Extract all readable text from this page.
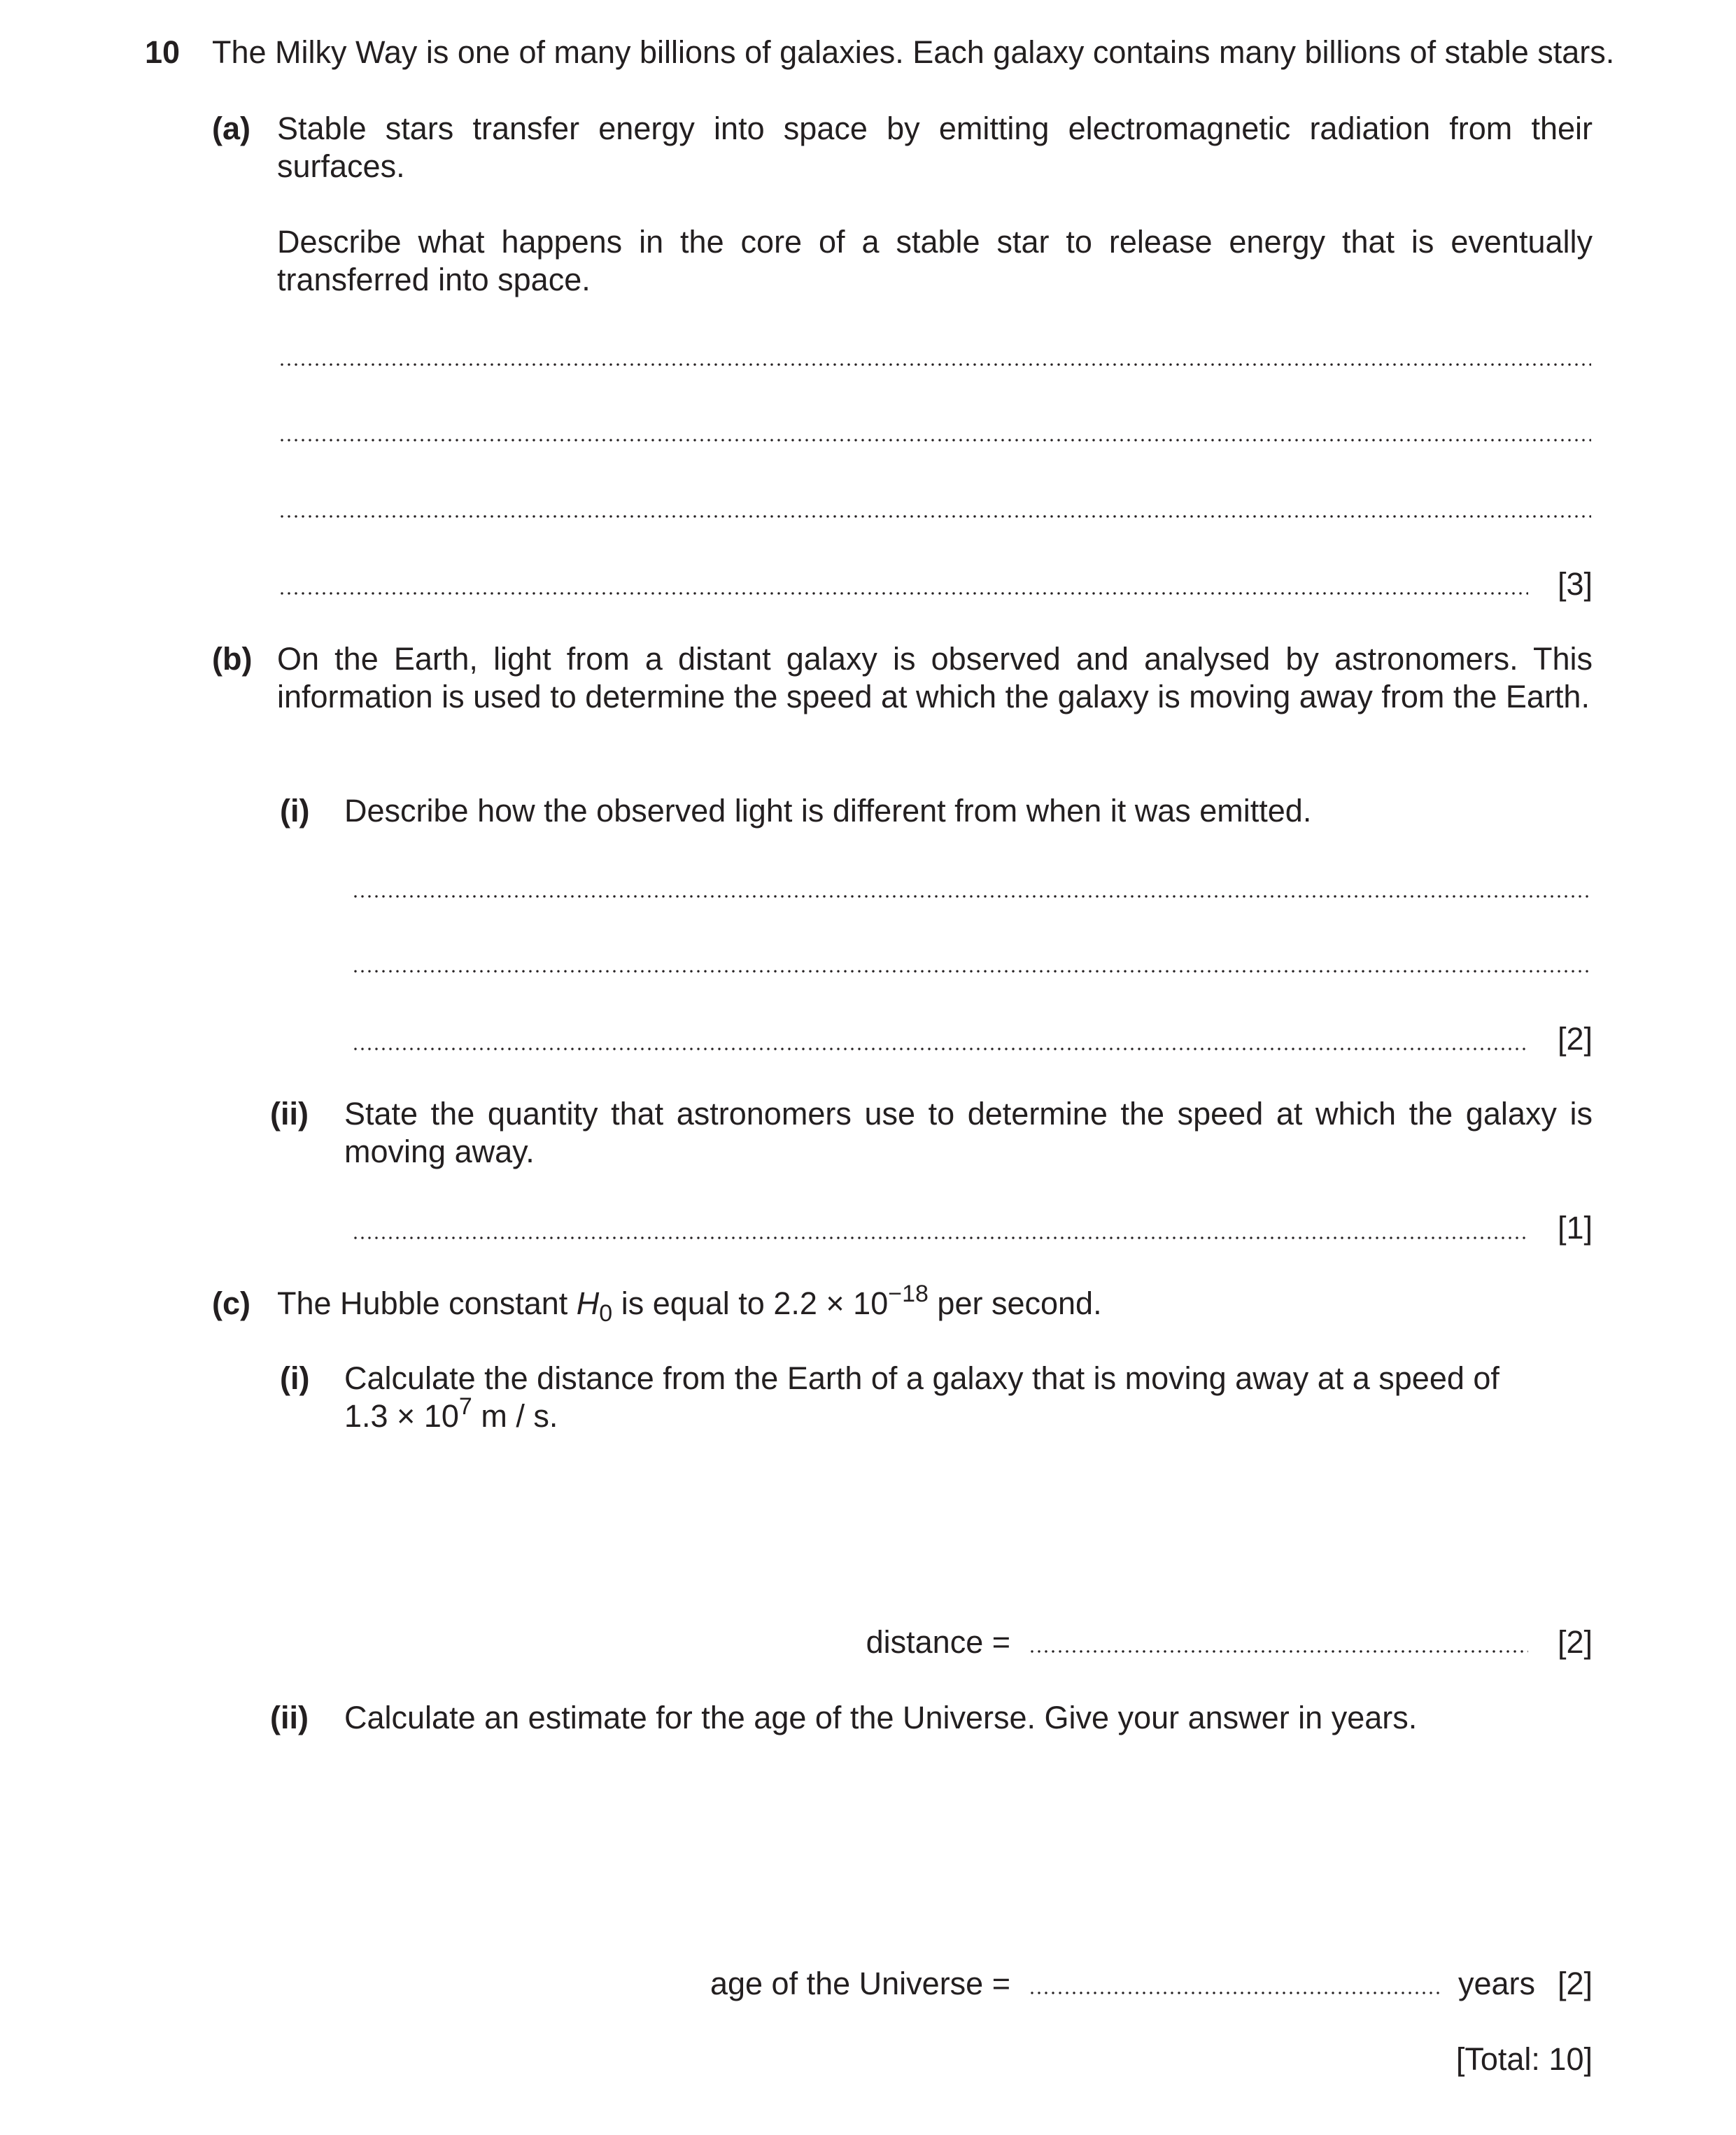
10 The Milky Way is one of many billions of galaxies. Each galaxy contains many billions of stable stars.
(a) Stable stars transfer energy into space by emitting electromagnetic radiation from their surfaces.
Describe what happens in the core of a stable star to release energy that is eventually transferred into space.
[3]
(b) On the Earth, light from a distant galaxy is observed and analysed by astronomers. This information is used to determine the speed at which the galaxy is moving away from the Earth.
(i) Describe how the observed light is different from when it was emitted.
[2]
(ii) State the quantity that astronomers use to determine the speed at which the galaxy is moving away.
[1]
(c) The Hubble constant $H_0$ is equal to $2.2 \times 10^{-18}$ per second.
(i) Calculate the distance from the Earth of a galaxy that is moving away at a speed of
$1.3 \times 10^7$ m / s.
distance =	[2]
(ii) Calculate an estimate for the age of the Universe. Give your answer in years.
age of the Universe =	years [2]
[Total: 10]
